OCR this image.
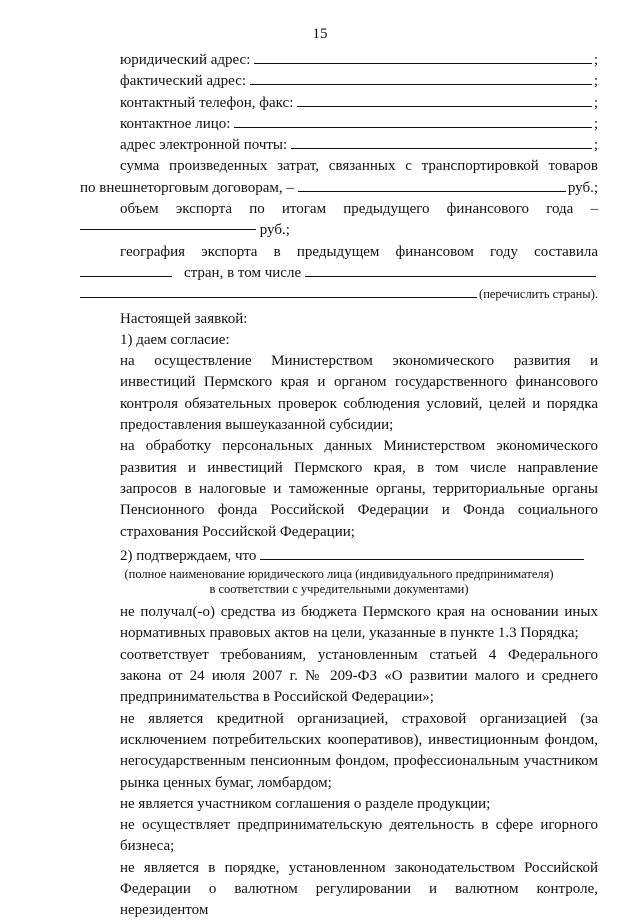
15
юридический адрес:	;
фактический адрес:	;
контактный телефон, факс:	;
контактное лицо:	;
адрес электронной почты:	;
сумма произведенных затрат, связанных с транспортировкой товаров
по внешнеторговым договорам, –	руб.;
объем экспорта по итогам предыдущего финансового года –
руб.;
география экспорта в предыдущем финансовом году составила
стран, в том числе
(перечислить страны).
Настоящей заявкой:
1) даем согласие:
на осуществление Министерством экономического развития и инвестиций Пермского края и органом государственного финансового контроля обязательных проверок соблюдения условий, целей и порядка предоставления вышеуказанной субсидии;
на обработку персональных данных Министерством экономического развития и инвестиций Пермского края, в том числе направление запросов в налоговые и таможенные органы, территориальные органы Пенсионного фонда Российской Федерации и Фонда социального страхования Российской Федерации;
2) подтверждаем, что
(полное наименование юридического лица (индивидуального предпринимателя)
в соответствии с учредительными документами)
не получал(-о) средства из бюджета Пермского края на основании иных нормативных правовых актов на цели, указанные в пункте 1.3 Порядка;
соответствует требованиям, установленным статьей 4 Федерального закона от 24 июля 2007 г. № 209-ФЗ «О развитии малого и среднего предпринимательства в Российской Федерации»;
не является кредитной организацией, страховой организацией (за исключением потребительских кооперативов), инвестиционным фондом, негосударственным пенсионным фондом, профессиональным участником рынка ценных бумаг, ломбардом;
не является участником соглашения о разделе продукции;
не осуществляет предпринимательскую деятельность в сфере игорного бизнеса;
не является в порядке, установленном законодательством Российской Федерации о валютном регулировании и валютном контроле, нерезидентом
